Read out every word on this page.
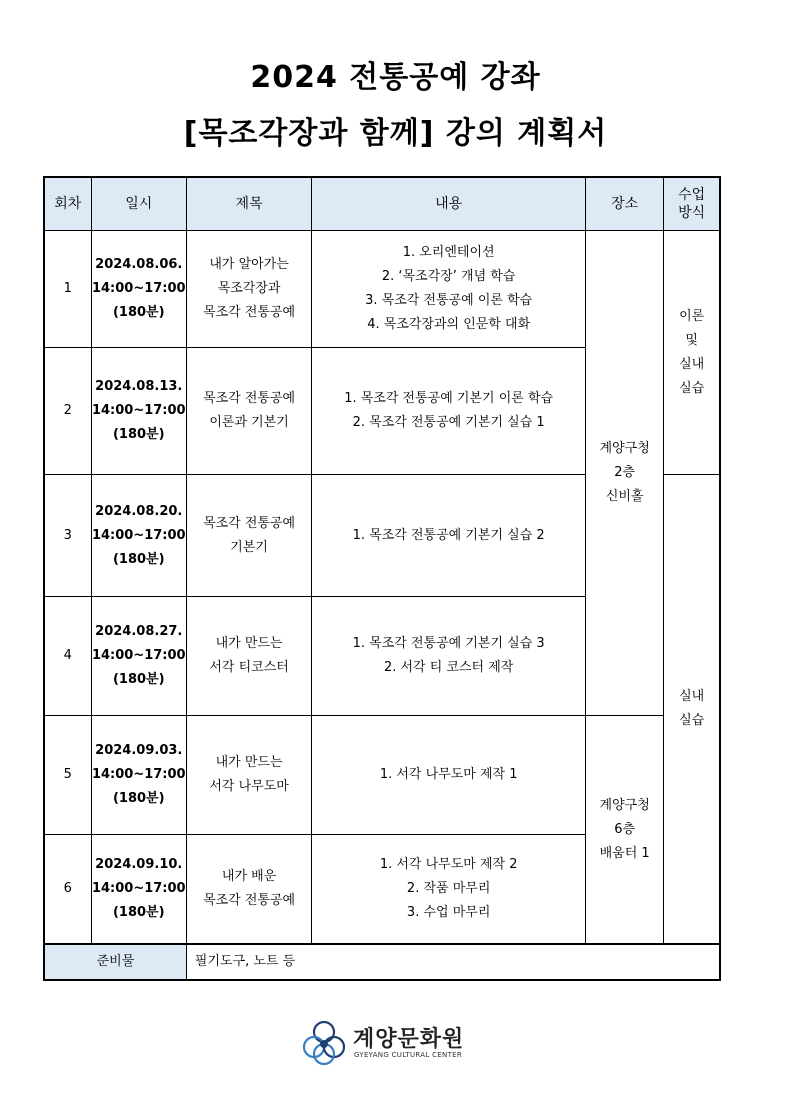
2024 전통공예 강좌
[목조각장과 함께] 강의 계획서
회차	일시	제목	내용	장소	수업
방식

1	2024.08.06.
14:00~17:00
(180분)	내가 알아가는
목조각장과
목조각 전통공예	1. 오리엔테이션
2. ‘목조각장’ 개념 학습
3. 목조각 전통공예 이론 학습
4. 목조각장과의 인문학 대화	계양구청
2층
신비홀	이론
및
실내
실습

2	2024.08.13.
14:00~17:00
(180분)	목조각 전통공예
이론과 기본기	1. 목조각 전통공예 기본기 이론 학습
2. 목조각 전통공예 기본기 실습 1		

3	2024.08.20.
14:00~17:00
(180분)	목조각 전통공예
기본기	1. 목조각 전통공예 기본기 실습 2		실내
실습

4	2024.08.27.
14:00~17:00
(180분)	내가 만드는
서각 티코스터	1. 목조각 전통공예 기본기 실습 3
2. 서각 티 코스터 제작		

5	2024.09.03.
14:00~17:00
(180분)	내가 만드는
서각 나무도마	1. 서각 나무도마 제작 1	계양구청
6층
배움터 1	

6	2024.09.10.
14:00~17:00
(180분)	내가 배운
목조각 전통공예	1. 서각 나무도마 제작 2
2. 작품 마무리
3. 수업 마무리		

준비물		필기도구, 노트 등			
계양문화원
GYEYANG CULTURAL CENTER
